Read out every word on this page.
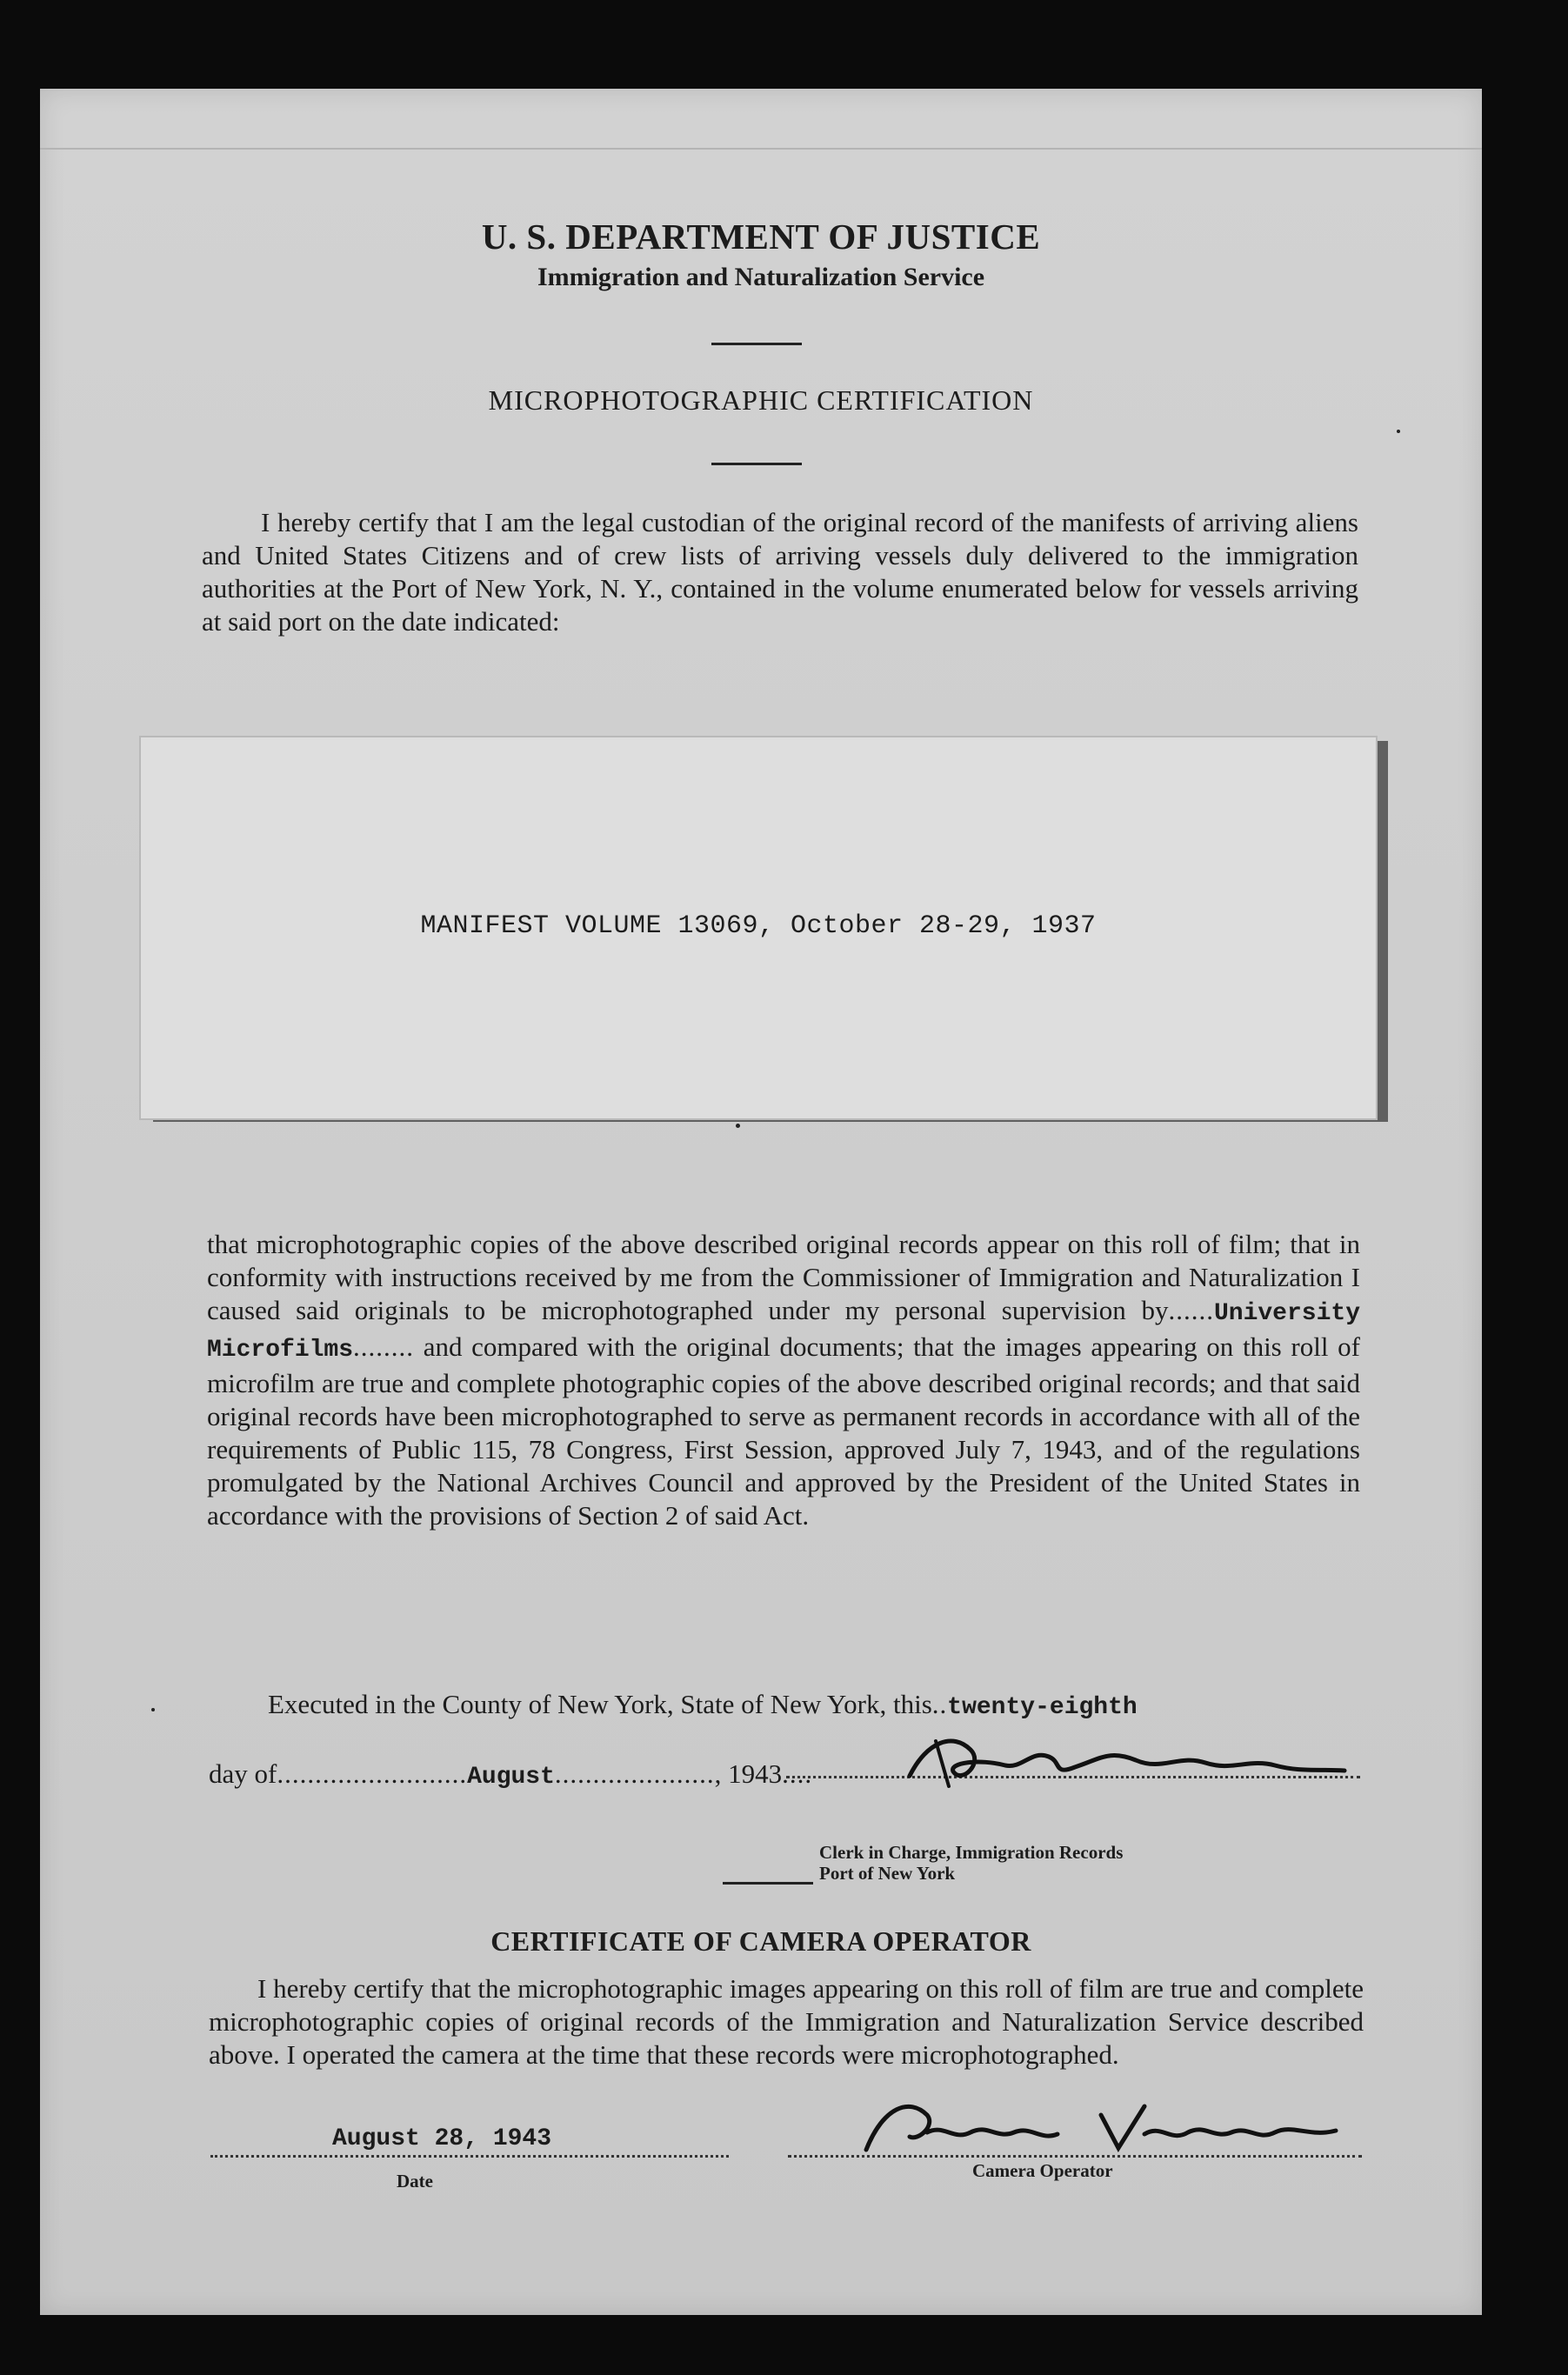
U. S. DEPARTMENT OF JUSTICE
Immigration and Naturalization Service
MICROPHOTOGRAPHIC CERTIFICATION
I hereby certify that I am the legal custodian of the original record of the manifests of arriving aliens and United States Citizens and of crew lists of arriving vessels duly delivered to the immigration authorities at the Port of New York, N. Y., contained in the volume enumerated below for vessels arriving at said port on the date indicated:
MANIFEST VOLUME 13069, October 28-29, 1937
that microphotographic copies of the above described original records appear on this roll of film; that in conformity with instructions received by me from the Commissioner of Immigration and Naturalization I caused said originals to be microphotographed under my personal supervision by......University Microfilms........ and compared with the original documents; that the images appearing on this roll of microfilm are true and complete photographic copies of the above described original records; and that said original records have been microphotographed to serve as permanent records in accordance with all of the requirements of Public 115, 78 Congress, First Session, approved July 7, 1943, and of the regulations promulgated by the National Archives Council and approved by the President of the United States in accordance with the provisions of Section 2 of said Act.
Executed in the County of New York, State of New York, this..twenty-eighth
day of.........................August....................., 1943....
Clerk in Charge, Immigration Records
Port of New York
CERTIFICATE OF CAMERA OPERATOR
I hereby certify that the microphotographic images appearing on this roll of film are true and complete microphotographic copies of original records of the Immigration and Naturalization Service described above. I operated the camera at the time that these records were microphotographed.
August 28, 1943
Date	Camera Operator
